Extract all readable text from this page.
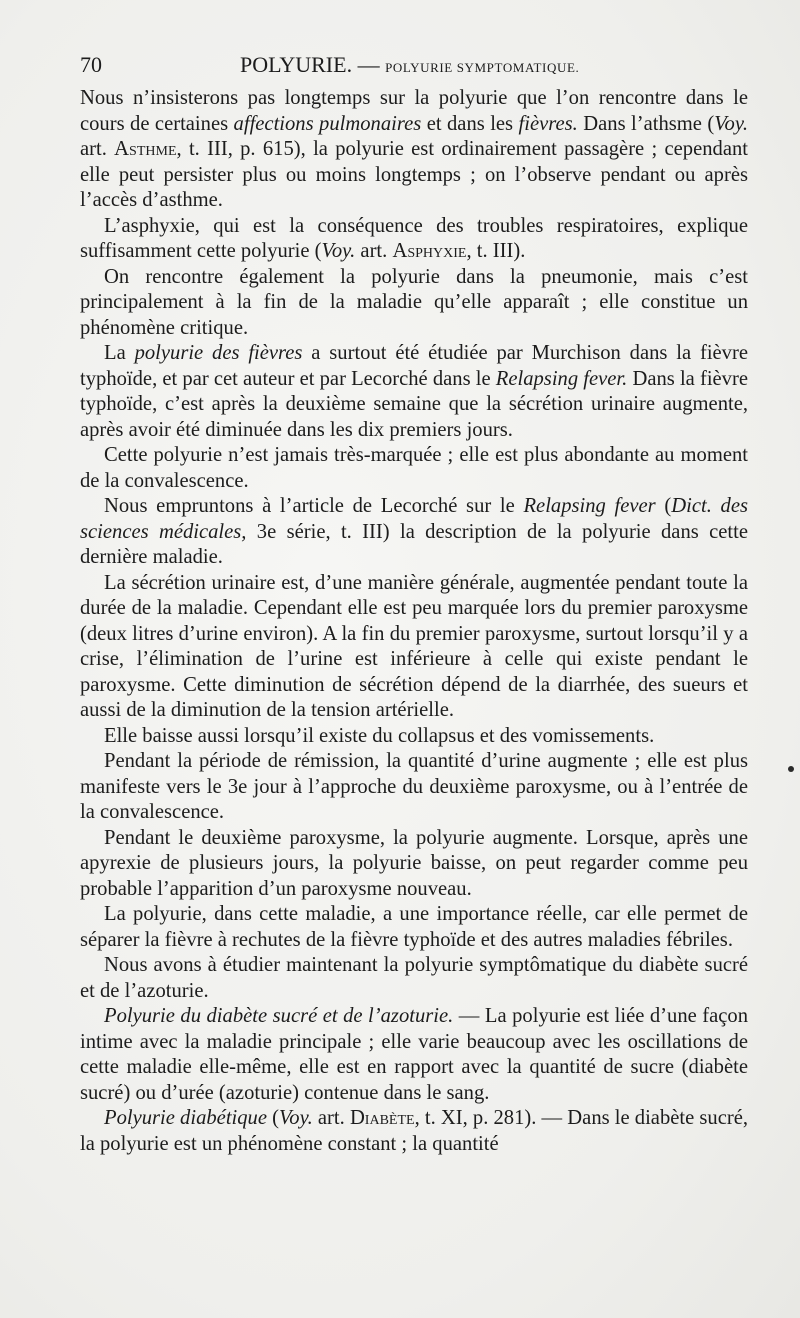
70	POLYURIE. — POLYURIE SYMPTOMATIQUE.

Nous n’insisterons pas longtemps sur la polyurie que l’on rencontre dans le cours de certaines affections pulmonaires et dans les fièvres. Dans l’athsme (Voy. art. Asthme, t. III, p. 615), la polyurie est ordinairement passagère ; cependant elle peut persister plus ou moins longtemps ; on l’observe pendant ou après l’accès d’asthme.

L’asphyxie, qui est la conséquence des troubles respiratoires, explique suffisamment cette polyurie (Voy. art. Asphyxie, t. III).

On rencontre également la polyurie dans la pneumonie, mais c’est principalement à la fin de la maladie qu’elle apparaît ; elle constitue un phénomène critique.

La polyurie des fièvres a surtout été étudiée par Murchison dans la fièvre typhoïde, et par cet auteur et par Lecorché dans le Relapsing fever. Dans la fièvre typhoïde, c’est après la deuxième semaine que la sécrétion urinaire augmente, après avoir été diminuée dans les dix premiers jours.

Cette polyurie n’est jamais très-marquée ; elle est plus abondante au moment de la convalescence.

Nous empruntons à l’article de Lecorché sur le Relapsing fever (Dict. des sciences médicales, 3e série, t. III) la description de la polyurie dans cette dernière maladie.

La sécrétion urinaire est, d’une manière générale, augmentée pendant toute la durée de la maladie. Cependant elle est peu marquée lors du premier paroxysme (deux litres d’urine environ). A la fin du premier paroxysme, surtout lorsqu’il y a crise, l’élimination de l’urine est inférieure à celle qui existe pendant le paroxysme. Cette diminution de sécrétion dépend de la diarrhée, des sueurs et aussi de la diminution de la tension artérielle.

Elle baisse aussi lorsqu’il existe du collapsus et des vomissements.

Pendant la période de rémission, la quantité d’urine augmente ; elle est plus manifeste vers le 3e jour à l’approche du deuxième paroxysme, ou à l’entrée de la convalescence.

Pendant le deuxième paroxysme, la polyurie augmente. Lorsque, après une apyrexie de plusieurs jours, la polyurie baisse, on peut regarder comme peu probable l’apparition d’un paroxysme nouveau.

La polyurie, dans cette maladie, a une importance réelle, car elle permet de séparer la fièvre à rechutes de la fièvre typhoïde et des autres maladies fébriles.

Nous avons à étudier maintenant la polyurie symptômatique du diabète sucré et de l’azoturie.

Polyurie du diabète sucré et de l’azoturie. — La polyurie est liée d’une façon intime avec la maladie principale ; elle varie beaucoup avec les oscillations de cette maladie elle-même, elle est en rapport avec la quantité de sucre (diabète sucré) ou d’urée (azoturie) contenue dans le sang.

Polyurie diabétique (Voy. art. Diabète, t. XI, p. 281). — Dans le diabète sucré, la polyurie est un phénomène constant ; la quantité
